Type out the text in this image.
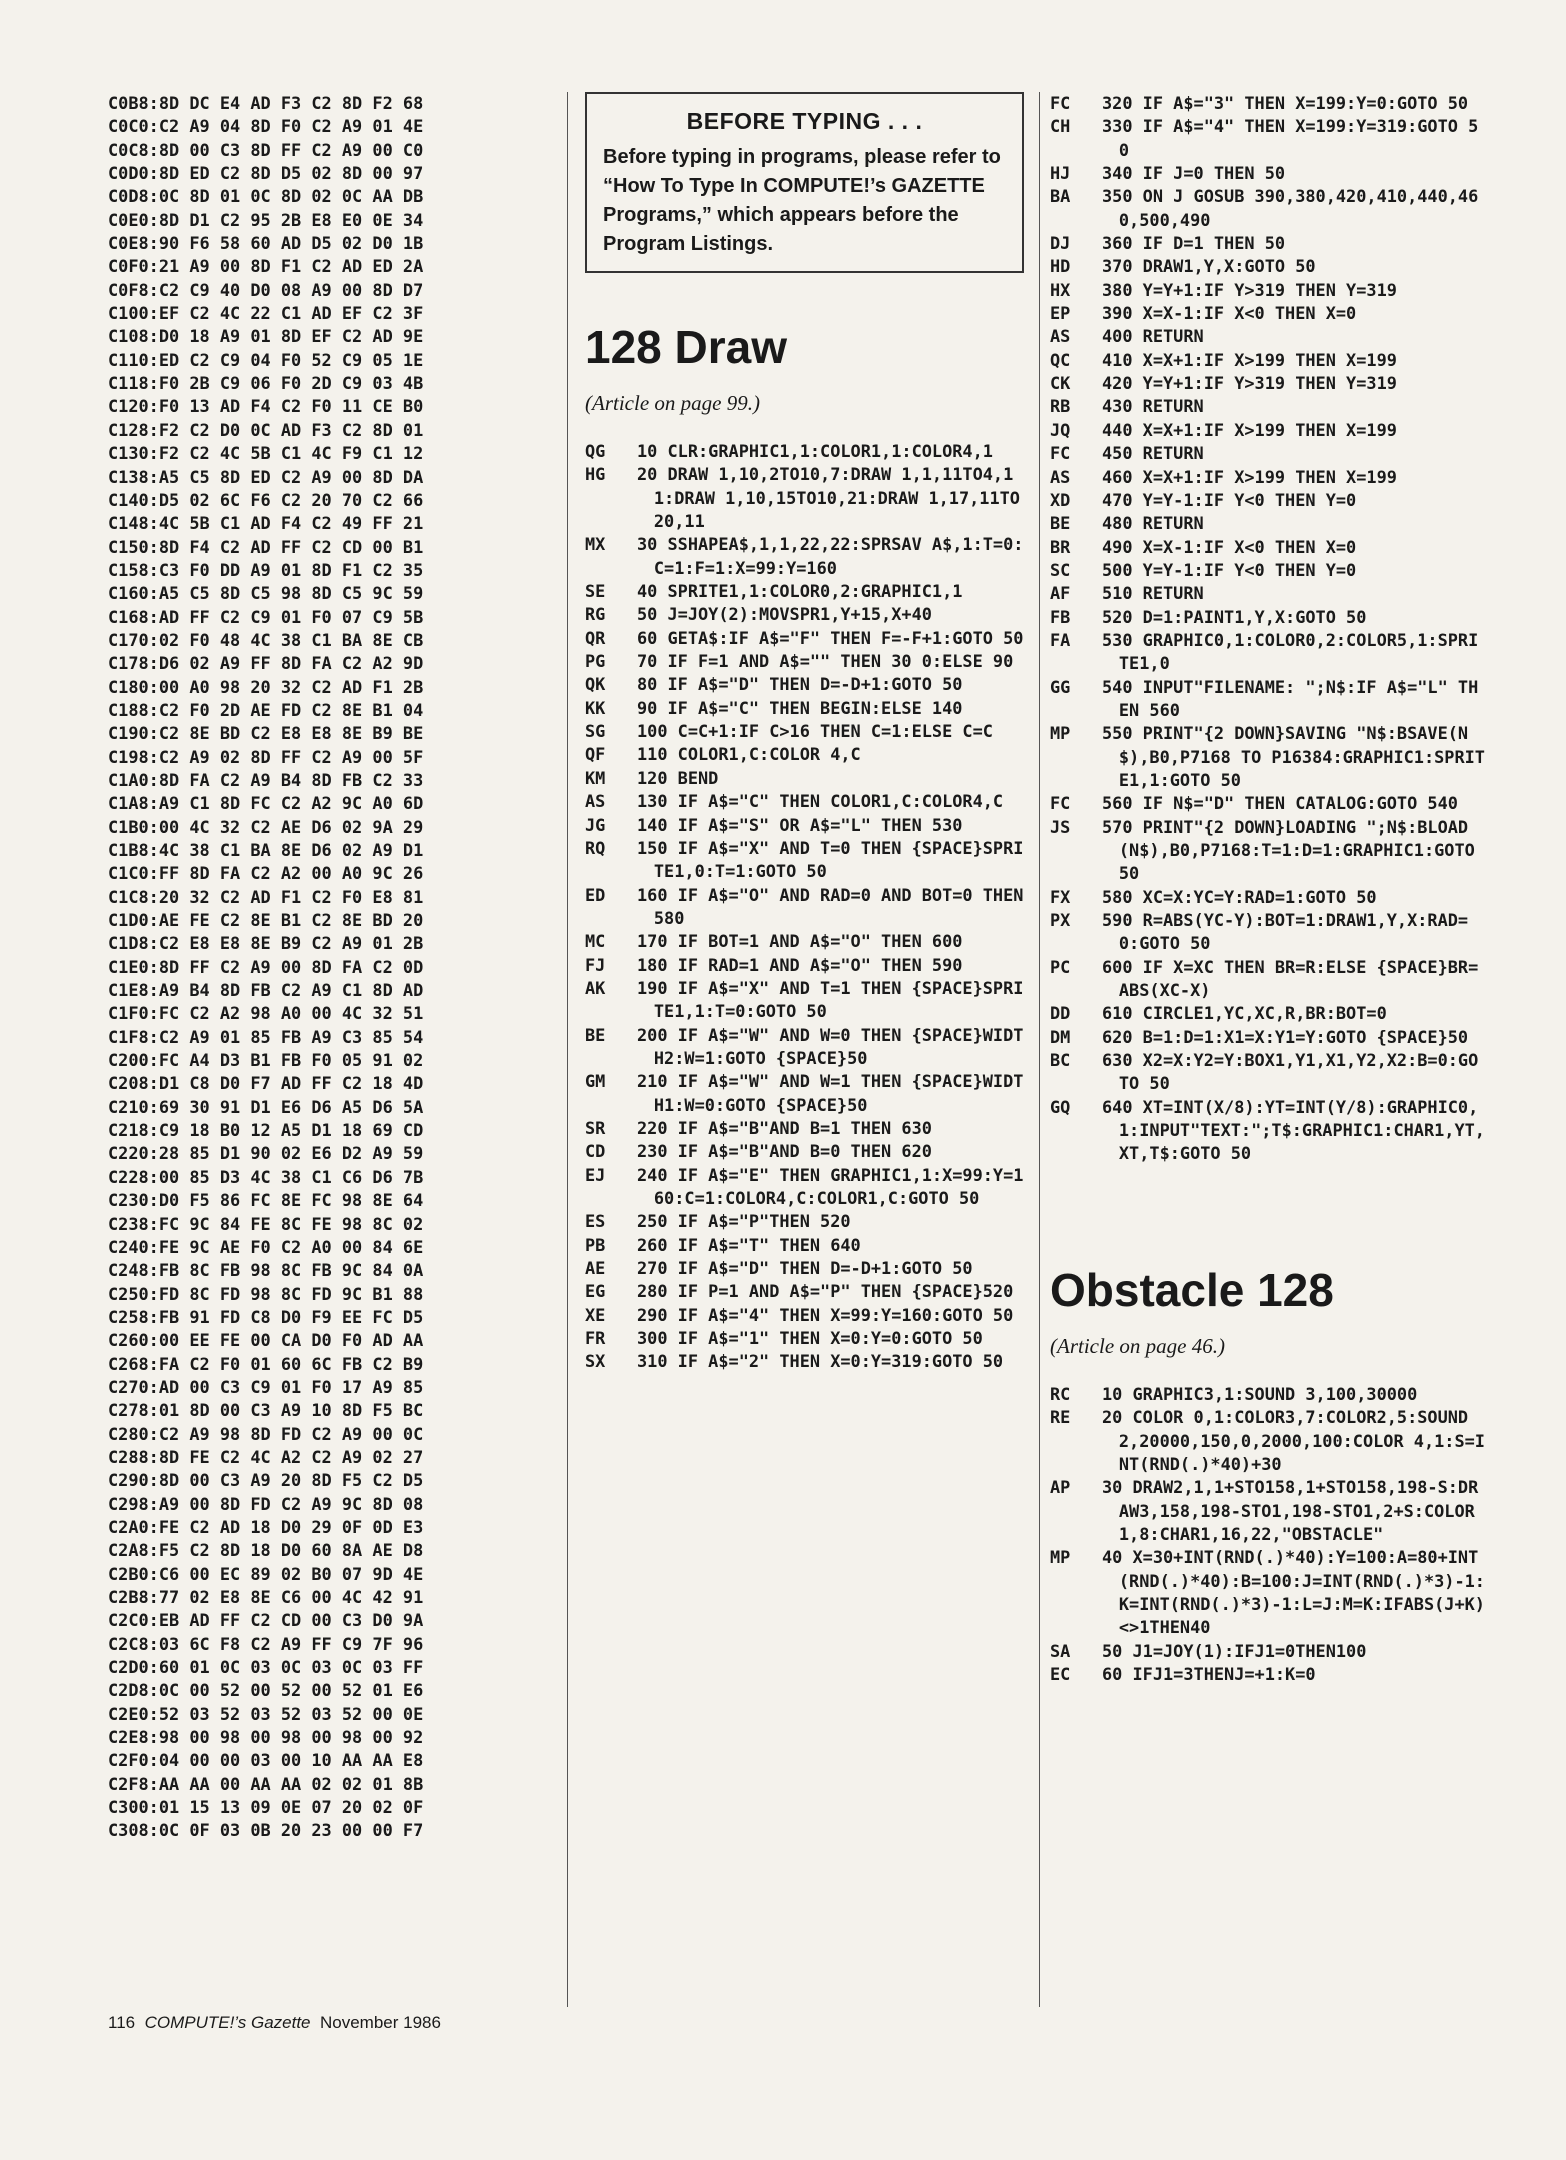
C0B8:8D DC E4 AD F3 C2 8D F2 68
C0C0:C2 A9 04 8D F0 C2 A9 01 4E
C0C8:8D 00 C3 8D FF C2 A9 00 C0
C0D0:8D ED C2 8D D5 02 8D 00 97
C0D8:0C 8D 01 0C 8D 02 0C AA DB
C0E0:8D D1 C2 95 2B E8 E0 0E 34
C0E8:90 F6 58 60 AD D5 02 D0 1B
C0F0:21 A9 00 8D F1 C2 AD ED 2A
C0F8:C2 C9 40 D0 08 A9 00 8D D7
C100:EF C2 4C 22 C1 AD EF C2 3F
C108:D0 18 A9 01 8D EF C2 AD 9E
C110:ED C2 C9 04 F0 52 C9 05 1E
C118:F0 2B C9 06 F0 2D C9 03 4B
C120:F0 13 AD F4 C2 F0 11 CE B0
C128:F2 C2 D0 0C AD F3 C2 8D 01
C130:F2 C2 4C 5B C1 4C F9 C1 12
C138:A5 C5 8D ED C2 A9 00 8D DA
C140:D5 02 6C F6 C2 20 70 C2 66
C148:4C 5B C1 AD F4 C2 49 FF 21
C150:8D F4 C2 AD FF C2 CD 00 B1
C158:C3 F0 DD A9 01 8D F1 C2 35
C160:A5 C5 8D C5 98 8D C5 9C 59
C168:AD FF C2 C9 01 F0 07 C9 5B
C170:02 F0 48 4C 38 C1 BA 8E CB
C178:D6 02 A9 FF 8D FA C2 A2 9D
C180:00 A0 98 20 32 C2 AD F1 2B
C188:C2 F0 2D AE FD C2 8E B1 04
C190:C2 8E BD C2 E8 E8 8E B9 BE
C198:C2 A9 02 8D FF C2 A9 00 5F
C1A0:8D FA C2 A9 B4 8D FB C2 33
C1A8:A9 C1 8D FC C2 A2 9C A0 6D
C1B0:00 4C 32 C2 AE D6 02 9A 29
C1B8:4C 38 C1 BA 8E D6 02 A9 D1
C1C0:FF 8D FA C2 A2 00 A0 9C 26
C1C8:20 32 C2 AD F1 C2 F0 E8 81
C1D0:AE FE C2 8E B1 C2 8E BD 20
C1D8:C2 E8 E8 8E B9 C2 A9 01 2B
C1E0:8D FF C2 A9 00 8D FA C2 0D
C1E8:A9 B4 8D FB C2 A9 C1 8D AD
C1F0:FC C2 A2 98 A0 00 4C 32 51
C1F8:C2 A9 01 85 FB A9 C3 85 54
C200:FC A4 D3 B1 FB F0 05 91 02
C208:D1 C8 D0 F7 AD FF C2 18 4D
C210:69 30 91 D1 E6 D6 A5 D6 5A
C218:C9 18 B0 12 A5 D1 18 69 CD
C220:28 85 D1 90 02 E6 D2 A9 59
C228:00 85 D3 4C 38 C1 C6 D6 7B
C230:D0 F5 86 FC 8E FC 98 8E 64
C238:FC 9C 84 FE 8C FE 98 8C 02
C240:FE 9C AE F0 C2 A0 00 84 6E
C248:FB 8C FB 98 8C FB 9C 84 0A
C250:FD 8C FD 98 8C FD 9C B1 88
C258:FB 91 FD C8 D0 F9 EE FC D5
C260:00 EE FE 00 CA D0 F0 AD AA
C268:FA C2 F0 01 60 6C FB C2 B9
C270:AD 00 C3 C9 01 F0 17 A9 85
C278:01 8D 00 C3 A9 10 8D F5 BC
C280:C2 A9 98 8D FD C2 A9 00 0C
C288:8D FE C2 4C A2 C2 A9 02 27
C290:8D 00 C3 A9 20 8D F5 C2 D5
C298:A9 00 8D FD C2 A9 9C 8D 08
C2A0:FE C2 AD 18 D0 29 0F 0D E3
C2A8:F5 C2 8D 18 D0 60 8A AE D8
C2B0:C6 00 EC 89 02 B0 07 9D 4E
C2B8:77 02 E8 8E C6 00 4C 42 91
C2C0:EB AD FF C2 CD 00 C3 D0 9A
C2C8:03 6C F8 C2 A9 FF C9 7F 96
C2D0:60 01 0C 03 0C 03 0C 03 FF
C2D8:0C 00 52 00 52 00 52 01 E6
C2E0:52 03 52 03 52 03 52 00 0E
C2E8:98 00 98 00 98 00 98 00 92
C2F0:04 00 00 03 00 10 AA AA E8
C2F8:AA AA 00 AA AA 02 02 01 8B
C300:01 15 13 09 0E 07 20 02 0F
C308:0C 0F 03 0B 20 23 00 00 F7
BEFORE TYPING . . .
Before typing in programs, please refer to “How To Type In COMPUTE!’s GAZETTE Programs,” which appears before the Program Listings.
128 Draw
(Article on page 99.)
QG	10 CLR:GRAPHIC1,1:COLOR1,1:COLOR4,1
HG	20 DRAW 1,10,2TO10,7:DRAW 1,1,11TO4,11:DRAW 1,10,15TO10,21:DRAW 1,17,11TO20,11
MX	30 SSHAPEA$,1,1,22,22:SPRSAV A$,1:T=0:C=1:F=1:X=99:Y=160
SE	40 SPRITE1,1:COLOR0,2:GRAPHIC1,1
RG	50 J=JOY(2):MOVSPR1,Y+15,X+40
QR	60 GETA$:IF A$="F" THEN F=-F+1:GOTO 50
PG	70 IF F=1 AND A$="" THEN 30 0:ELSE 90
QK	80 IF A$="D" THEN D=-D+1:GOTO 50
KK	90 IF A$="C" THEN BEGIN:ELSE 140
SG	100 C=C+1:IF C>16 THEN C=1:ELSE C=C
QF	110 COLOR1,C:COLOR 4,C
KM	120 BEND
AS	130 IF A$="C" THEN COLOR1,C:COLOR4,C
JG	140 IF A$="S" OR A$="L" THEN 530
RQ	150 IF A$="X" AND T=0 THEN {SPACE}SPRITE1,0:T=1:GOTO 50
ED	160 IF A$="O" AND RAD=0 AND BOT=0 THEN 580
MC	170 IF BOT=1 AND A$="O" THEN 600
FJ	180 IF RAD=1 AND A$="O" THEN 590
AK	190 IF A$="X" AND T=1 THEN {SPACE}SPRITE1,1:T=0:GOTO 50
BE	200 IF A$="W" AND W=0 THEN {SPACE}WIDTH2:W=1:GOTO {SPACE}50
GM	210 IF A$="W" AND W=1 THEN {SPACE}WIDTH1:W=0:GOTO {SPACE}50
SR	220 IF A$="B"AND B=1 THEN 630
CD	230 IF A$="B"AND B=0 THEN 620
EJ	240 IF A$="E" THEN GRAPHIC1,1:X=99:Y=160:C=1:COLOR4,C:COLOR1,C:GOTO 50
ES	250 IF A$="P"THEN 520
PB	260 IF A$="T" THEN 640
AE	270 IF A$="D" THEN D=-D+1:GOTO 50
EG	280 IF P=1 AND A$="P" THEN {SPACE}520
XE	290 IF A$="4" THEN X=99:Y=160:GOTO 50
FR	300 IF A$="1" THEN X=0:Y=0:GOTO 50
SX	310 IF A$="2" THEN X=0:Y=319:GOTO 50
FC	320 IF A$="3" THEN X=199:Y=0:GOTO 50
CH	330 IF A$="4" THEN X=199:Y=319:GOTO 50
HJ	340 IF J=0 THEN 50
BA	350 ON J GOSUB 390,380,420,410,440,460,500,490
DJ	360 IF D=1 THEN 50
HD	370 DRAW1,Y,X:GOTO 50
HX	380 Y=Y+1:IF Y>319 THEN Y=319
EP	390 X=X-1:IF X<0 THEN X=0
AS	400 RETURN
QC	410 X=X+1:IF X>199 THEN X=199
CK	420 Y=Y+1:IF Y>319 THEN Y=319
RB	430 RETURN
JQ	440 X=X+1:IF X>199 THEN X=199
FC	450 RETURN
AS	460 X=X+1:IF X>199 THEN X=199
XD	470 Y=Y-1:IF Y<0 THEN Y=0
BE	480 RETURN
BR	490 X=X-1:IF X<0 THEN X=0
SC	500 Y=Y-1:IF Y<0 THEN Y=0
AF	510 RETURN
FB	520 D=1:PAINT1,Y,X:GOTO 50
FA	530 GRAPHIC0,1:COLOR0,2:COLOR5,1:SPRITE1,0
GG	540 INPUT"FILENAME: ";N$:IF A$="L" THEN 560
MP	550 PRINT"{2 DOWN}SAVING "N$:BSAVE(N$),B0,P7168 TO P16384:GRAPHIC1:SPRITE1,1:GOTO 50
FC	560 IF N$="D" THEN CATALOG:GOTO 540
JS	570 PRINT"{2 DOWN}LOADING ";N$:BLOAD(N$),B0,P7168:T=1:D=1:GRAPHIC1:GOTO 50
FX	580 XC=X:YC=Y:RAD=1:GOTO 50
PX	590 R=ABS(YC-Y):BOT=1:DRAW1,Y,X:RAD=0:GOTO 50
PC	600 IF X=XC THEN BR=R:ELSE {SPACE}BR=ABS(XC-X)
DD	610 CIRCLE1,YC,XC,R,BR:BOT=0
DM	620 B=1:D=1:X1=X:Y1=Y:GOTO {SPACE}50
BC	630 X2=X:Y2=Y:BOX1,Y1,X1,Y2,X2:B=0:GOTO 50
GQ	640 XT=INT(X/8):YT=INT(Y/8):GRAPHIC0,1:INPUT"TEXT:";T$:GRAPHIC1:CHAR1,YT,XT,T$:GOTO 50
Obstacle 128
(Article on page 46.)
RC	10 GRAPHIC3,1:SOUND 3,100,30000
RE	20 COLOR 0,1:COLOR3,7:COLOR2,5:SOUND 2,20000,150,0,2000,100:COLOR 4,1:S=INT(RND(.)*40)+30
AP	30 DRAW2,1,1+STO158,1+STO158,198-S:DRAW3,158,198-STO1,198-STO1,2+S:COLOR1,8:CHAR1,16,22,"OBSTACLE"
MP	40 X=30+INT(RND(.)*40):Y=100:A=80+INT(RND(.)*40):B=100:J=INT(RND(.)*3)-1:K=INT(RND(.)*3)-1:L=J:M=K:IFABS(J+K)<>1THEN40
SA	50 J1=JOY(1):IFJ1=0THEN100
EC	60 IFJ1=3THENJ=+1:K=0
116 COMPUTE!’s Gazette November 1986
